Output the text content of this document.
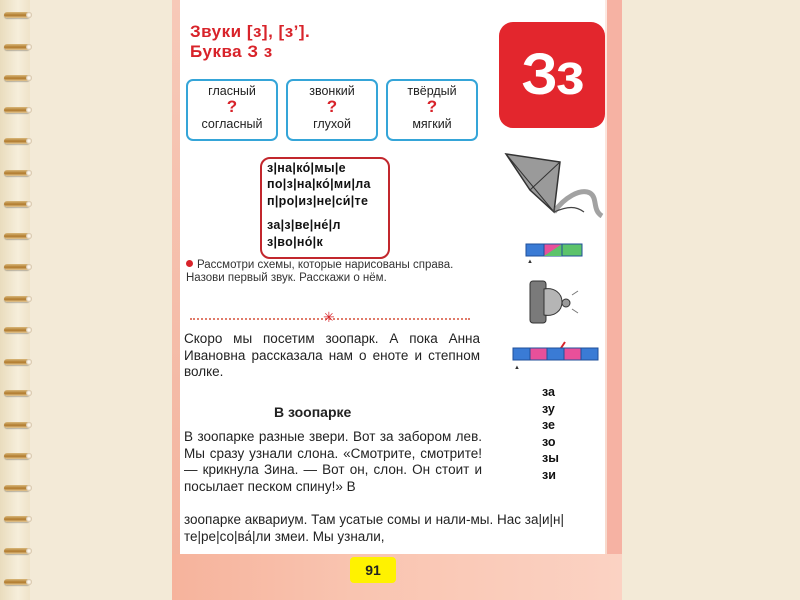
Звуки [з], [з’].
Буква З з
гласный
?
согласный
звонкий
?
глухой
твёрдый
?
мягкий
з|на|ко́|мы|е
по|з|на|ко́|ми|ла
п|ро|из|не|си́|те
за|з|ве|не́|л
з|во|но́|к
Рассмотри схемы, которые нарисованы справа. Назови первый звук. Расскажи о нём.
✳
Скоро мы посетим зоопарк. А пока Анна Ивановна рассказала нам о еноте и степном волке.
В зоопарке
В зоопарке разные звери. Вот за забором лев. Мы сразу узнали слона. «Смотрите, смотрите! — крикнула Зина. — Вот он, слон. Он стоит и посылает песком спину!» В
зоопарке аквариум. Там усатые сомы и нали-мы. Нас за|и|н|те|ре|со|ва́|ли змеи. Мы узнали,
91
Зз
▲
▲
за
зу
зе
зо
зы
зи
